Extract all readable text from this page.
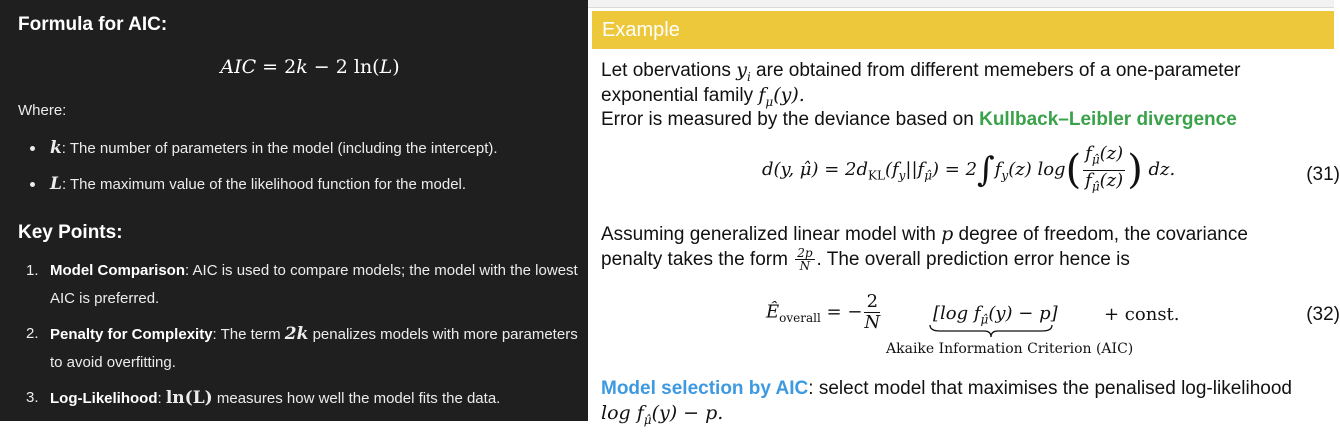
Formula for AIC:
AIC = 2k − 2 ln(L)
Where:
k: The number of parameters in the model (including the intercept).
L: The maximum value of the likelihood function for the model.
Key Points:
1. Model Comparison: AIC is used to compare models; the model with the lowest AIC is preferred.
2. Penalty for Complexity: The term 2k penalizes models with more parameters to avoid overfitting.
3. Log-Likelihood: ln(L) measures how well the model fits the data.
Example
Let obervations $y_i$ are obtained from different memebers of a one-parameter
exponential family $f_\mu(y)$.
Error is measured by the deviance based on Kullback–Leibler divergence
d(y, μ̂) = $2d_{KL}(f_y||f_{\mû}) = 2\int f_y(z)$ $\log( \frac{f_{\mû}(z)}{f_{\mû}(z)}$ ) dz.	(31)
Assuming generalized linear model with p degree of freedom, the covariance
penalty takes the form $\frac{2p}{N}$ . The overall prediction error hence is
$Ê_{overall}$ = − $\frac{2}{N}$	[log $f_{\mû}(y) - p$]
Akaike Information Criterion (AIC)
+ const.	(32)
Model selection by AIC: select model that maximises the penalised log-likelihood
$\log f_{\mû}(y) - p$.
